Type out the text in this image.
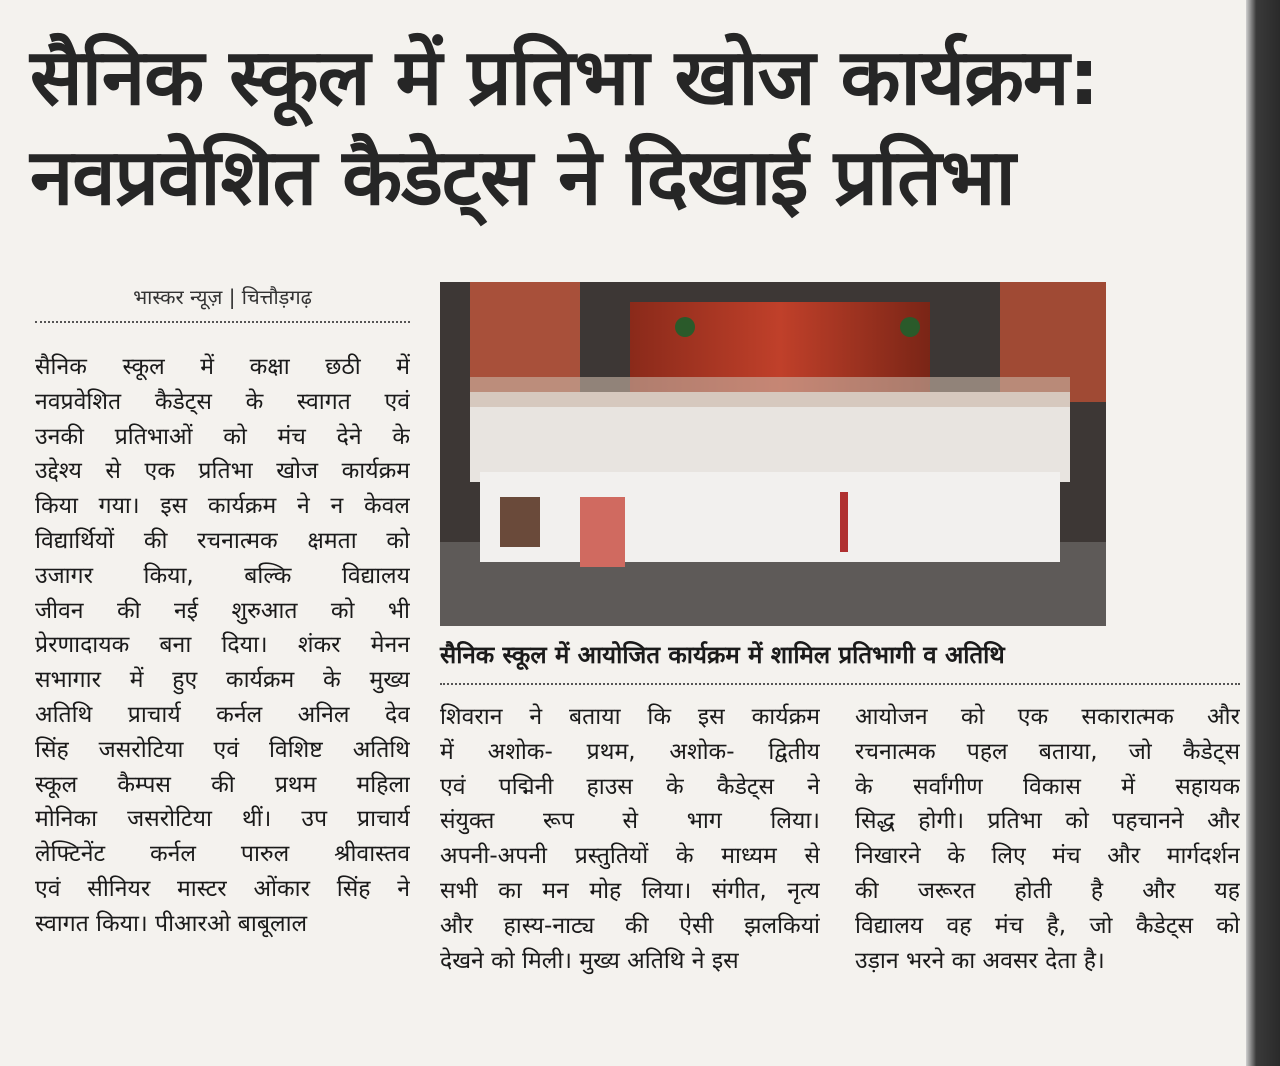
सैनिक स्कूल में प्रतिभा खोज कार्यक्रम:
नवप्रवेशित कैडेट्स ने दिखाई प्रतिभा
भास्कर न्यूज़ | चित्तौड़गढ़
सैनिक स्कूल में कक्षा छठी में
नवप्रवेशित कैडेट्स के स्वागत एवं
उनकी प्रतिभाओं को मंच देने के
उद्देश्य से एक प्रतिभा खोज कार्यक्रम
किया गया। इस कार्यक्रम ने न केवल
विद्यार्थियों की रचनात्मक क्षमता को
उजागर किया, बल्कि विद्यालय
जीवन की नई शुरुआत को भी
प्रेरणादायक बना दिया। शंकर मेनन
सभागार में हुए कार्यक्रम के मुख्य
अतिथि प्राचार्य कर्नल अनिल देव
सिंह जसरोटिया एवं विशिष्ट अतिथि
स्कूल कैम्पस की प्रथम महिला
मोनिका जसरोटिया थीं। उप प्राचार्य
लेफ्टिनेंट कर्नल पारुल श्रीवास्तव
एवं सीनियर मास्टर ओंकार सिंह ने
स्वागत किया। पीआरओ बाबूलाल
सैनिक स्कूल में आयोजित कार्यक्रम में शामिल प्रतिभागी व अतिथि
शिवरान ने बताया कि इस कार्यक्रम
में अशोक- प्रथम, अशोक- द्वितीय
एवं पद्मिनी हाउस के कैडेट्स ने
संयुक्त रूप से भाग लिया।
अपनी-अपनी प्रस्तुतियों के माध्यम से
सभी का मन मोह लिया। संगीत, नृत्य
और हास्य-नाट्य की ऐसी झलकियां
देखने को मिली। मुख्य अतिथि ने इस
आयोजन को एक सकारात्मक और
रचनात्मक पहल बताया, जो कैडेट्स
के सर्वांगीण विकास में सहायक
सिद्ध होगी। प्रतिभा को पहचानने और
निखारने के लिए मंच और मार्गदर्शन
की जरूरत होती है और यह
विद्यालय वह मंच है, जो कैडेट्स को
उड़ान भरने का अवसर देता है।
